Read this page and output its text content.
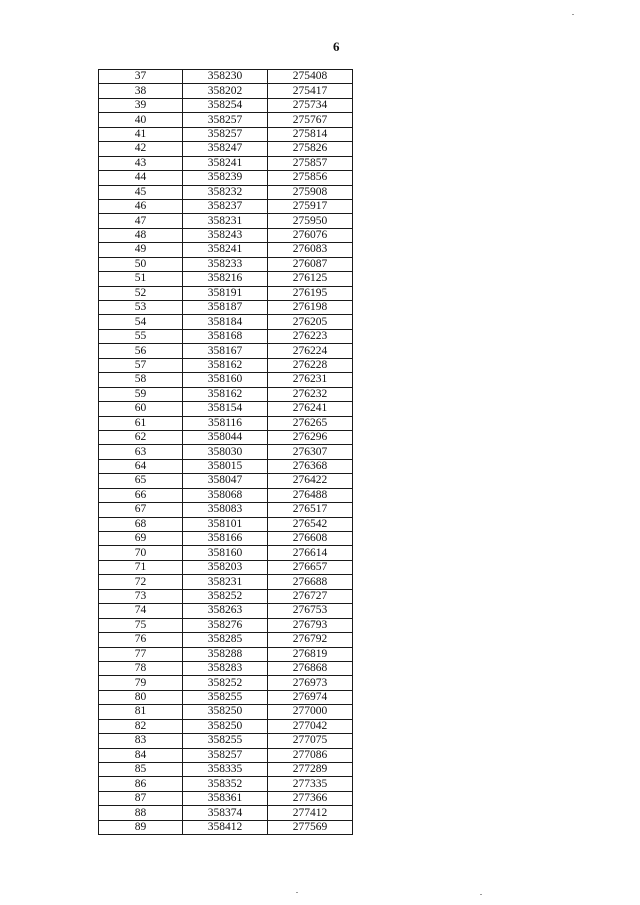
6
37	358230	275408
38	358202	275417
39	358254	275734
40	358257	275767
41	358257	275814
42	358247	275826
43	358241	275857
44	358239	275856
45	358232	275908
46	358237	275917
47	358231	275950
48	358243	276076
49	358241	276083
50	358233	276087
51	358216	276125
52	358191	276195
53	358187	276198
54	358184	276205
55	358168	276223
56	358167	276224
57	358162	276228
58	358160	276231
59	358162	276232
60	358154	276241
61	358116	276265
62	358044	276296
63	358030	276307
64	358015	276368
65	358047	276422
66	358068	276488
67	358083	276517
68	358101	276542
69	358166	276608
70	358160	276614
71	358203	276657
72	358231	276688
73	358252	276727
74	358263	276753
75	358276	276793
76	358285	276792
77	358288	276819
78	358283	276868
79	358252	276973
80	358255	276974
81	358250	277000
82	358250	277042
83	358255	277075
84	358257	277086
85	358335	277289
86	358352	277335
87	358361	277366
88	358374	277412
89	358412	277569
